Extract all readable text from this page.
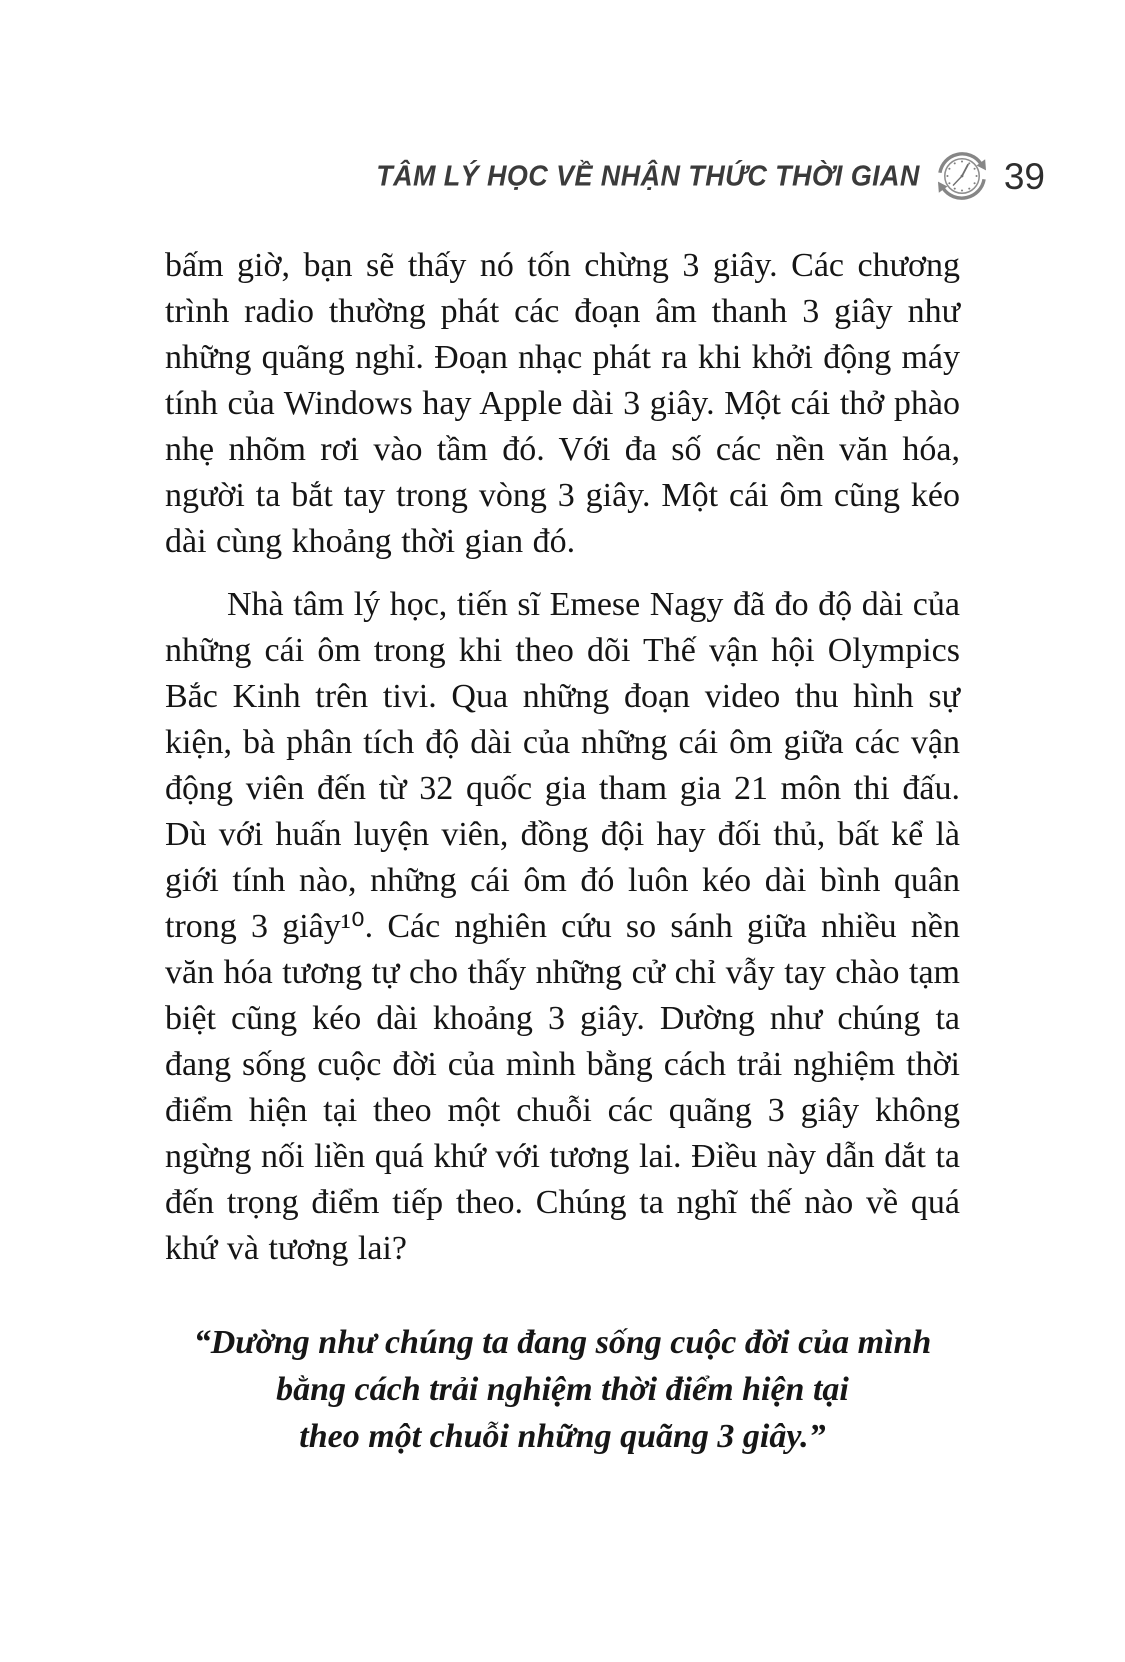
TÂM LÝ HỌC VỀ NHẬN THỨC THỜI GIAN 39

bấm giờ, bạn sẽ thấy nó tốn chừng 3 giây. Các chương trình radio thường phát các đoạn âm thanh 3 giây như những quãng nghỉ. Đoạn nhạc phát ra khi khởi động máy tính của Windows hay Apple dài 3 giây. Một cái thở phào nhẹ nhõm rơi vào tầm đó. Với đa số các nền văn hóa, người ta bắt tay trong vòng 3 giây. Một cái ôm cũng kéo dài cùng khoảng thời gian đó.

Nhà tâm lý học, tiến sĩ Emese Nagy đã đo độ dài của những cái ôm trong khi theo dõi Thế vận hội Olympics Bắc Kinh trên tivi. Qua những đoạn video thu hình sự kiện, bà phân tích độ dài của những cái ôm giữa các vận động viên đến từ 32 quốc gia tham gia 21 môn thi đấu. Dù với huấn luyện viên, đồng đội hay đối thủ, bất kể là giới tính nào, những cái ôm đó luôn kéo dài bình quân trong 3 giây¹⁰. Các nghiên cứu so sánh giữa nhiều nền văn hóa tương tự cho thấy những cử chỉ vẫy tay chào tạm biệt cũng kéo dài khoảng 3 giây. Dường như chúng ta đang sống cuộc đời của mình bằng cách trải nghiệm thời điểm hiện tại theo một chuỗi các quãng 3 giây không ngừng nối liền quá khứ với tương lai. Điều này dẫn dắt ta đến trọng điểm tiếp theo. Chúng ta nghĩ thế nào về quá khứ và tương lai?

“Dường như chúng ta đang sống cuộc đời của mình
bằng cách trải nghiệm thời điểm hiện tại
theo một chuỗi những quãng 3 giây.”
